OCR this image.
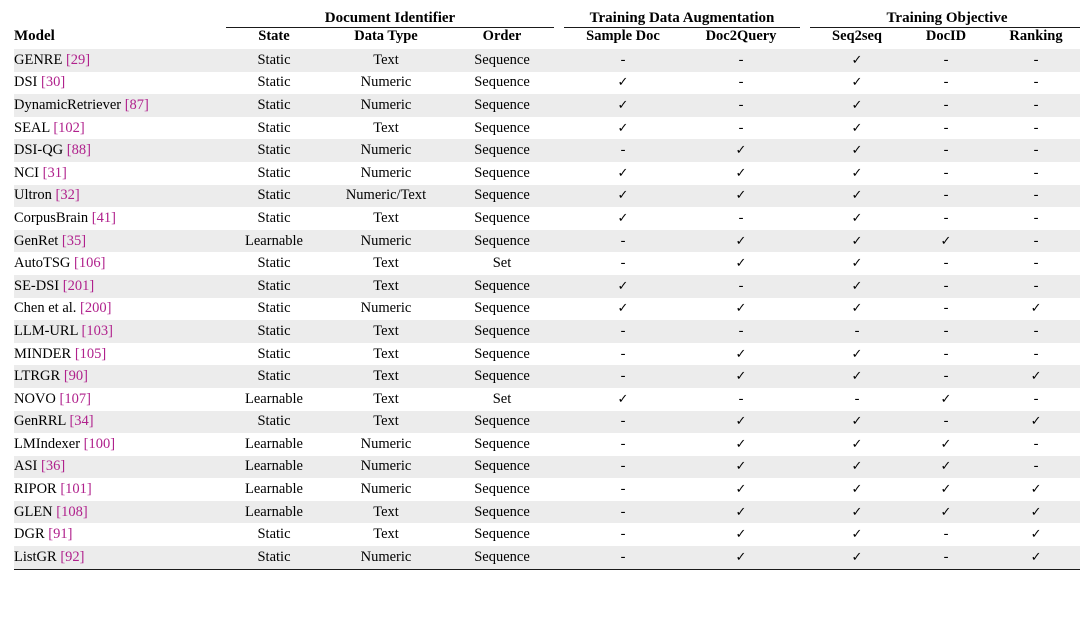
Model	Document Identifier				Training Data Augmentation			Training Objective		
	State	Data Type	Order		Sample Doc	Doc2Query		Seq2seq	DocID	Ranking

GENRE [29]	Static	Text	Sequence		-	-		✓	-	-
DSI [30]	Static	Numeric	Sequence		✓	-		✓	-	-
DynamicRetriever [87]	Static	Numeric	Sequence		✓	-		✓	-	-
SEAL [102]	Static	Text	Sequence		✓	-		✓	-	-
DSI-QG [88]	Static	Numeric	Sequence		-	✓		✓	-	-
NCI [31]	Static	Numeric	Sequence		✓	✓		✓	-	-
Ultron [32]	Static	Numeric/Text	Sequence		✓	✓		✓	-	-
CorpusBrain [41]	Static	Text	Sequence		✓	-		✓	-	-
GenRet [35]	Learnable	Numeric	Sequence		-	✓		✓	✓	-
AutoTSG [106]	Static	Text	Set		-	✓		✓	-	-
SE-DSI [201]	Static	Text	Sequence		✓	-		✓	-	-
Chen et al. [200]	Static	Numeric	Sequence		✓	✓		✓	-	✓
LLM-URL [103]	Static	Text	Sequence		-	-		-	-	-
MINDER [105]	Static	Text	Sequence		-	✓		✓	-	-
LTRGR [90]	Static	Text	Sequence		-	✓		✓	-	✓
NOVO [107]	Learnable	Text	Set		✓	-		-	✓	-
GenRRL [34]	Static	Text	Sequence		-	✓		✓	-	✓
LMIndexer [100]	Learnable	Numeric	Sequence		-	✓		✓	✓	-
ASI [36]	Learnable	Numeric	Sequence		-	✓		✓	✓	-
RIPOR [101]	Learnable	Numeric	Sequence		-	✓		✓	✓	✓
GLEN [108]	Learnable	Text	Sequence		-	✓		✓	✓	✓
DGR [91]	Static	Text	Sequence		-	✓		✓	-	✓
ListGR [92]	Static	Numeric	Sequence		-	✓		✓	-	✓
